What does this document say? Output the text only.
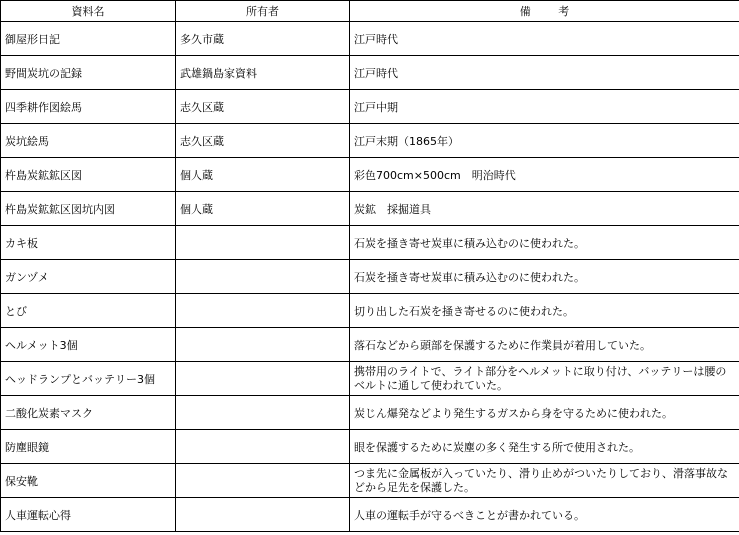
資料名	所有者	備 考
御屋形日記	多久市蔵	江戸時代
野間炭坑の記録	武雄鍋島家資料	江戸時代
四季耕作図絵馬	志久区蔵	江戸中期
炭坑絵馬	志久区蔵	江戸末期（1865年）
杵島炭鉱鉱区図	個人蔵	彩色700cm×500cm　明治時代
杵島炭鉱鉱区図坑内図	個人蔵	炭鉱　採掘道具
カキ板		石炭を掻き寄せ炭車に積み込むのに使われた。
ガンヅメ		石炭を掻き寄せ炭車に積み込むのに使われた。
とび		切り出した石炭を掻き寄せるのに使われた。
ヘルメット3個		落石などから頭部を保護するために作業員が着用していた。
ヘッドランプとバッテリー3個		携帯用のライトで、ライト部分をヘルメットに取り付け、バッテリーは腰のベルトに通して使われていた。
二酸化炭素マスク		炭じん爆発などより発生するガスから身を守るために使われた。
防塵眼鏡		眼を保護するために炭塵の多く発生する所で使用された。
保安靴		つま先に金属板が入っていたり、滑り止めがついたりしており、滑落事故などから足先を保護した。
人車運転心得		人車の運転手が守るべきことが書かれている。
